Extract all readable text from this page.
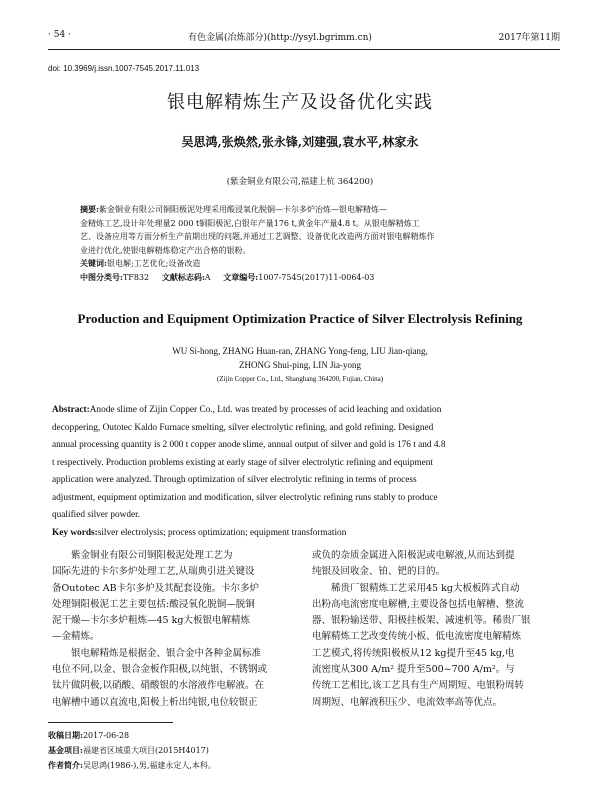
· 54 ·	有色金属(冶炼部分)(http://ysyl.bgrimm.cn)	2017年第11期
doi: 10.3969/j.issn.1007-7545.2017.11.013
银电解精炼生产及设备优化实践
吴思鸿,张焕然,张永锋,刘建强,袁水平,林家永
(紫金铜业有限公司,福建上杭 364200)
摘要:紫金铜业有限公司铜阳极泥处理采用酸浸氧化脱铜—卡尔多炉冶炼—银电解精炼—
金精炼工艺,设计年处理量2 000 t铜阳极泥,白银年产量176 t,黄金年产量4.8 t。从银电解精炼工
艺、设备应用等方面分析生产前期出现的问题,并通过工艺调整、设备优化改造两方面对银电解精炼作
业进行优化,使银电解精炼稳定产出合格的银粉。
关键词:银电解;工艺优化;设备改造
中图分类号:TF832 文献标志码:A 文章编号:1007-7545(2017)11-0064-03
Production and Equipment Optimization Practice of Silver Electrolysis Refining
WU Si-hong, ZHANG Huan-ran, ZHANG Yong-feng, LIU Jian-qiang,
ZHONG Shui-ping, LIN Jia-yong
(Zijin Copper Co., Ltd., Shanghang 364200, Fujian, China)
Abstract:Anode slime of Zijin Copper Co., Ltd. was treated by processes of acid leaching and oxidation
decoppering, Outotec Kaldo Furnace smelting, silver electrolytic refining, and gold refining. Designed
annual processing quantity is 2 000 t copper anode slime, annual output of silver and gold is 176 t and 4.8
t respectively. Production problems existing at early stage of silver electrolytic refining and equipment
application were analyzed. Through optimization of silver electrolytic refining in terms of process
adjustment, equipment optimization and modification, silver electrolytic refining runs stably to produce
qualified silver powder.
Key words:silver electrolysis; process optimization; equipment transformation
紫金铜业有限公司铜阳极泥处理工艺为
国际先进的卡尔多炉处理工艺,从瑞典引进关键设
备Outotec AB卡尔多炉及其配套设施。卡尔多炉
处理铜阳极泥工艺主要包括:酸浸氧化脱铜—脱铜
泥干燥—卡尔多炉粗炼—45 kg大板银电解精炼
—金精炼。
银电解精炼是根据金、银合金中各种金属标准
电位不同,以金、银合金板作阳极,以纯银、不锈钢或
钛片做阴极,以硝酸、硝酸银的水溶液作电解液。在
电解槽中通以直流电,阳极上析出纯银,电位较银正
或负的杂质金属进入阳极泥或电解液,从而达到提
纯银及回收金、铂、钯的目的。
稀贵厂银精炼工艺采用45 kg大板板阵式自动
出粉高电流密度电解槽,主要设备包括电解槽、整流
器、银粉输送带、阳极挂板架、减速机等。稀贵厂银
电解精炼工艺改变传统小板、低电流密度电解精炼
工艺模式,将传统阳极板从12 kg提升至45 kg,电
流密度从300 A/m² 提升至500~700 A/m²。与
传统工艺相比,该工艺具有生产周期短、电银粉周转
周期短、电解液积压少、电流效率高等优点。
收稿日期:2017-06-28
基金项目:福建省区域重大项目(2015H4017)
作者简介:吴思鸿(1986-),男,福建永定人,本科。
